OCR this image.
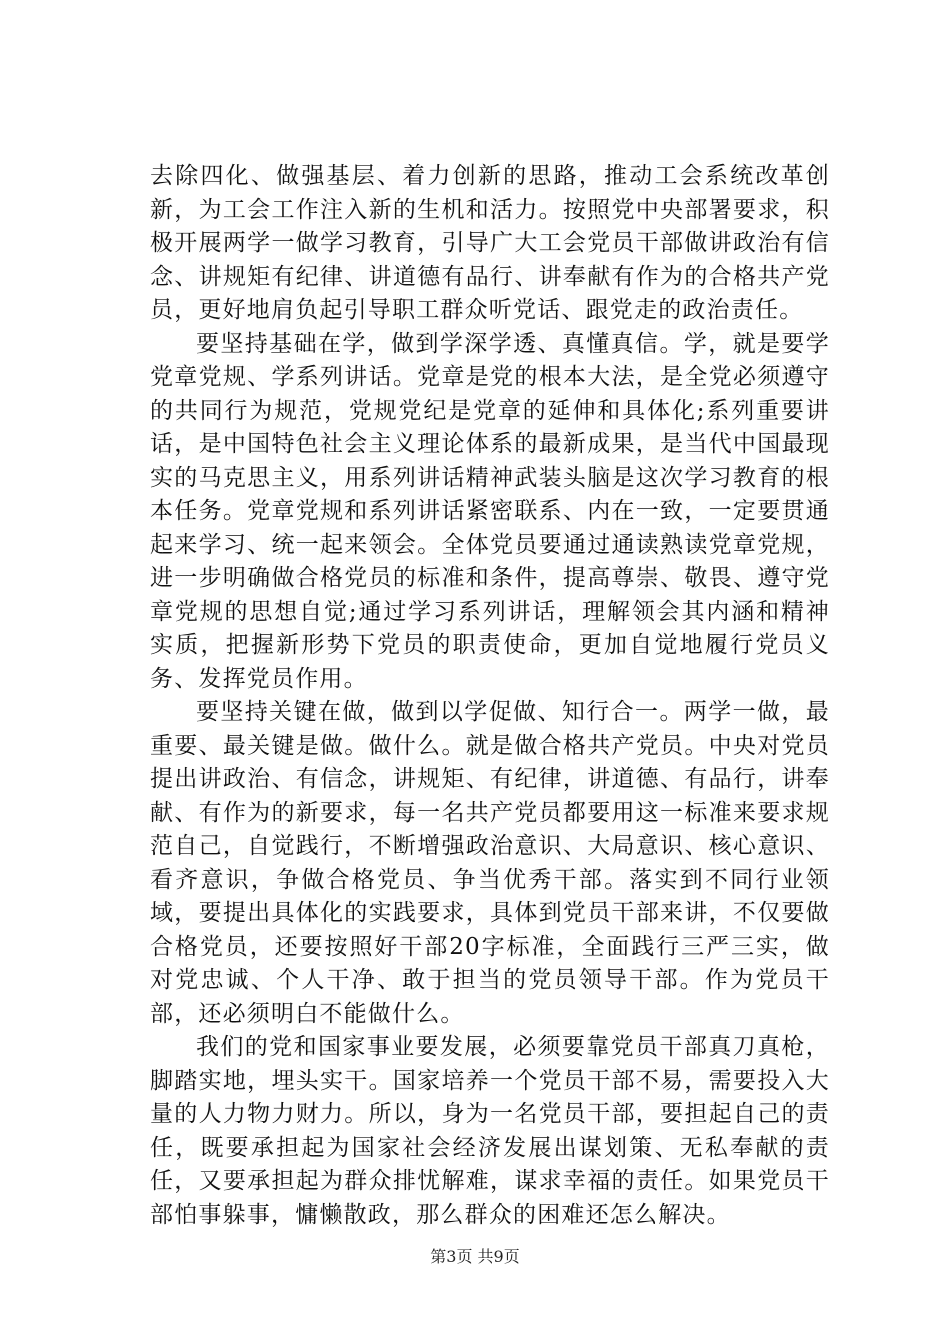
去除四化、做强基层、着力创新的思路，推动工会系统改革创新，为工会工作注入新的生机和活力。按照党中央部署要求，积极开展两学一做学习教育，引导广大工会党员干部做讲政治有信念、讲规矩有纪律、讲道德有品行、讲奉献有作为的合格共产党员，更好地肩负起引导职工群众听党话、跟党走的政治责任。

要坚持基础在学，做到学深学透、真懂真信。学，就是要学党章党规、学系列讲话。党章是党的根本大法，是全党必须遵守的共同行为规范，党规党纪是党章的延伸和具体化;系列重要讲话，是中国特色社会主义理论体系的最新成果，是当代中国最现实的马克思主义，用系列讲话精神武装头脑是这次学习教育的根本任务。党章党规和系列讲话紧密联系、内在一致，一定要贯通起来学习、统一起来领会。全体党员要通过通读熟读党章党规，进一步明确做合格党员的标准和条件，提高尊崇、敬畏、遵守党章党规的思想自觉;通过学习系列讲话，理解领会其内涵和精神实质，把握新形势下党员的职责使命，更加自觉地履行党员义务、发挥党员作用。

要坚持关键在做，做到以学促做、知行合一。两学一做，最重要、最关键是做。做什么。就是做合格共产党员。中央对党员提出讲政治、有信念，讲规矩、有纪律，讲道德、有品行，讲奉献、有作为的新要求，每一名共产党员都要用这一标准来要求规范自己，自觉践行，不断增强政治意识、大局意识、核心意识、看齐意识，争做合格党员、争当优秀干部。落实到不同行业领域，要提出具体化的实践要求，具体到党员干部来讲，不仅要做合格党员，还要按照好干部20字标准，全面践行三严三实，做对党忠诚、个人干净、敢于担当的党员领导干部。作为党员干部，还必须明白不能做什么。

我们的党和国家事业要发展，必须要靠党员干部真刀真枪，脚踏实地，埋头实干。国家培养一个党员干部不易，需要投入大量的人力物力财力。所以，身为一名党员干部，要担起自己的责任，既要承担起为国家社会经济发展出谋划策、无私奉献的责任，又要承担起为群众排忧解难，谋求幸福的责任。如果党员干部怕事躲事，慵懒散政，那么群众的困难还怎么解决。

第3页 共9页
